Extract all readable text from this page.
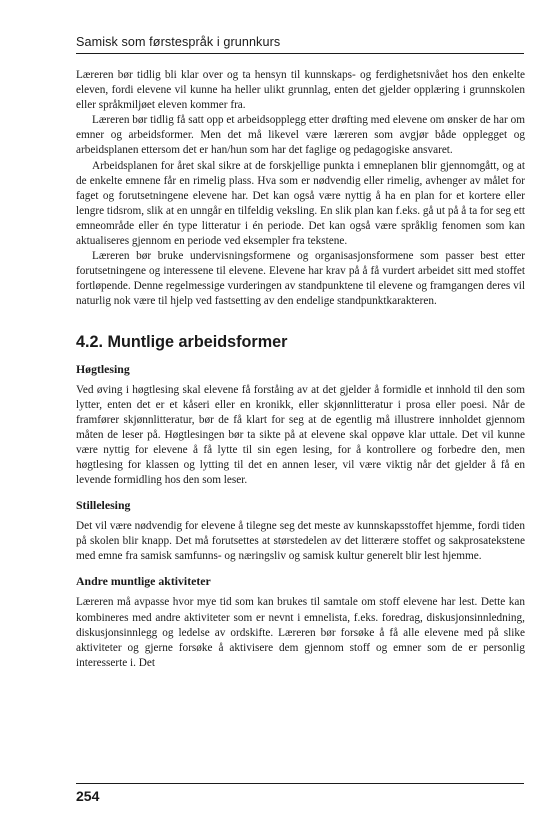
Samisk som førstespråk i grunnkurs

Læreren bør tidlig bli klar over og ta hensyn til kunnskaps- og ferdighetsnivået hos den enkelte eleven, fordi elevene vil kunne ha heller ulikt grunnlag, enten det gjelder opplæring i grunnskolen eller språkmiljøet eleven kommer fra.

Læreren bør tidlig få satt opp et arbeidsopplegg etter drøfting med elevene om ønsker de har om emner og arbeidsformer. Men det må likevel være læreren som avgjør både opplegget og arbeidsplanen ettersom det er han/hun som har det faglige og pedagogiske ansvaret.

Arbeidsplanen for året skal sikre at de forskjellige punkta i emneplanen blir gjennomgått, og at de enkelte emnene får en rimelig plass. Hva som er nødvendig eller rimelig, avhenger av målet for faget og forutsetningene elevene har. Det kan også være nyttig å ha en plan for et kortere eller lengre tidsrom, slik at en unngår en tilfeldig veksling. En slik plan kan f.eks. gå ut på å ta for seg ett emneområde eller én type litteratur i én periode. Det kan også være språklig fenomen som kan aktualiseres gjennom en periode ved eksempler fra tekstene.

Læreren bør bruke undervisningsformene og organisasjonsformene som passer best etter forutsetningene og interessene til elevene. Elevene har krav på å få vurdert arbeidet sitt med stoffet fortløpende. Denne regelmessige vurderingen av standpunktene til elevene og framgangen deres vil naturlig nok være til hjelp ved fastsetting av den endelige standpunktkarakteren.

4.2. Muntlige arbeidsformer
Høgtlesing

Ved øving i høgtlesing skal elevene få forståing av at det gjelder å formidle et innhold til den som lytter, enten det er et kåseri eller en kronikk, eller skjønnlitteratur i prosa eller poesi. Når de framfører skjønnlitteratur, bør de få klart for seg at de egentlig må illustrere innholdet gjennom måten de leser på. Høgtlesingen bør ta sikte på at elevene skal oppøve klar uttale. Det vil kunne være nyttig for elevene å få lytte til sin egen lesing, for å kontrollere og forbedre den, men høgtlesing for klassen og lytting til det en annen leser, vil være viktig når det gjelder å få en levende formidling hos den som leser.

Stillelesing

Det vil være nødvendig for elevene å tilegne seg det meste av kunnskapsstoffet hjemme, fordi tiden på skolen blir knapp. Det må forutsettes at størstedelen av det litterære stoffet og sakprosatekstene med emne fra samisk samfunns- og næringsliv og samisk kultur generelt blir lest hjemme.

Andre muntlige aktiviteter

Læreren må avpasse hvor mye tid som kan brukes til samtale om stoff elevene har lest. Dette kan kombineres med andre aktiviteter som er nevnt i emnelista, f.eks. foredrag, diskusjonsinnledning, diskusjonsinnlegg og ledelse av ordskifte. Læreren bør forsøke å få alle elevene med på slike aktiviteter og gjerne forsøke å aktivisere dem gjennom stoff og emner som de er personlig interesserte i. Det

254
